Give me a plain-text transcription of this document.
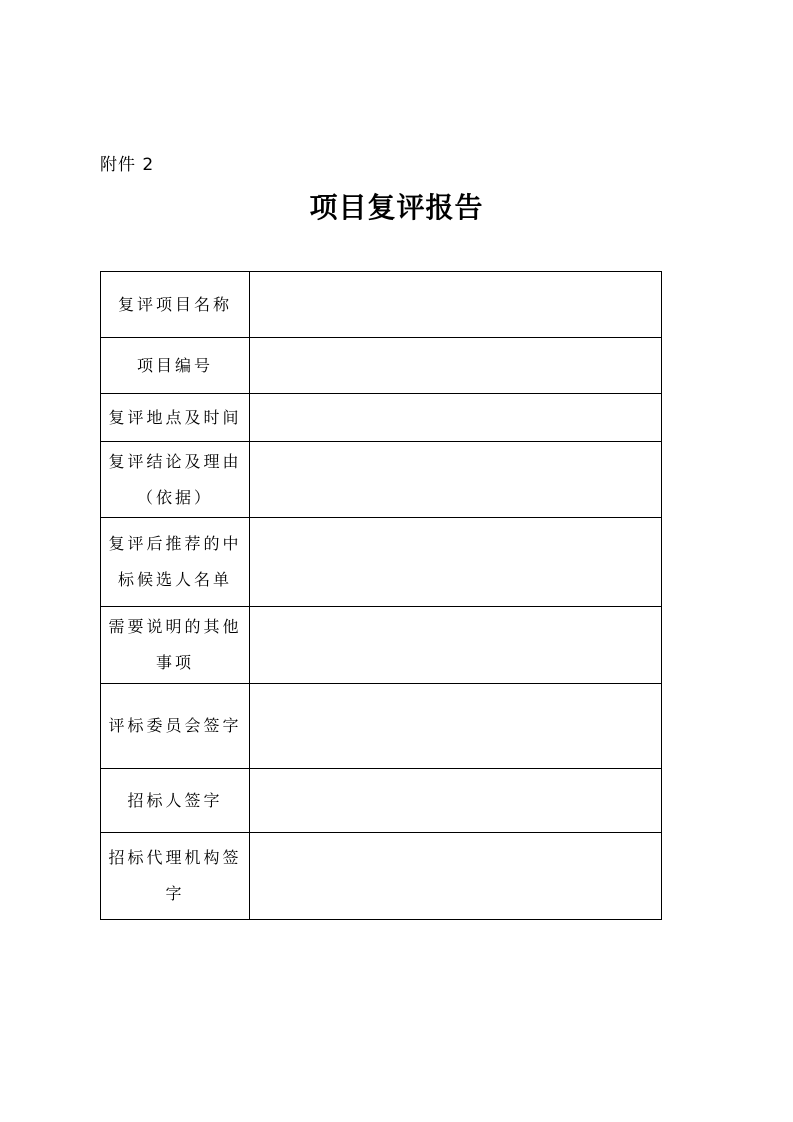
附件 2
项目复评报告
复评项目名称	
项目编号	
复评地点及时间	
复评结论及理由（依据）	
复评后推荐的中标候选人名单	
需要说明的其他事项	
评标委员会签字	
招标人签字	
招标代理机构签字	
